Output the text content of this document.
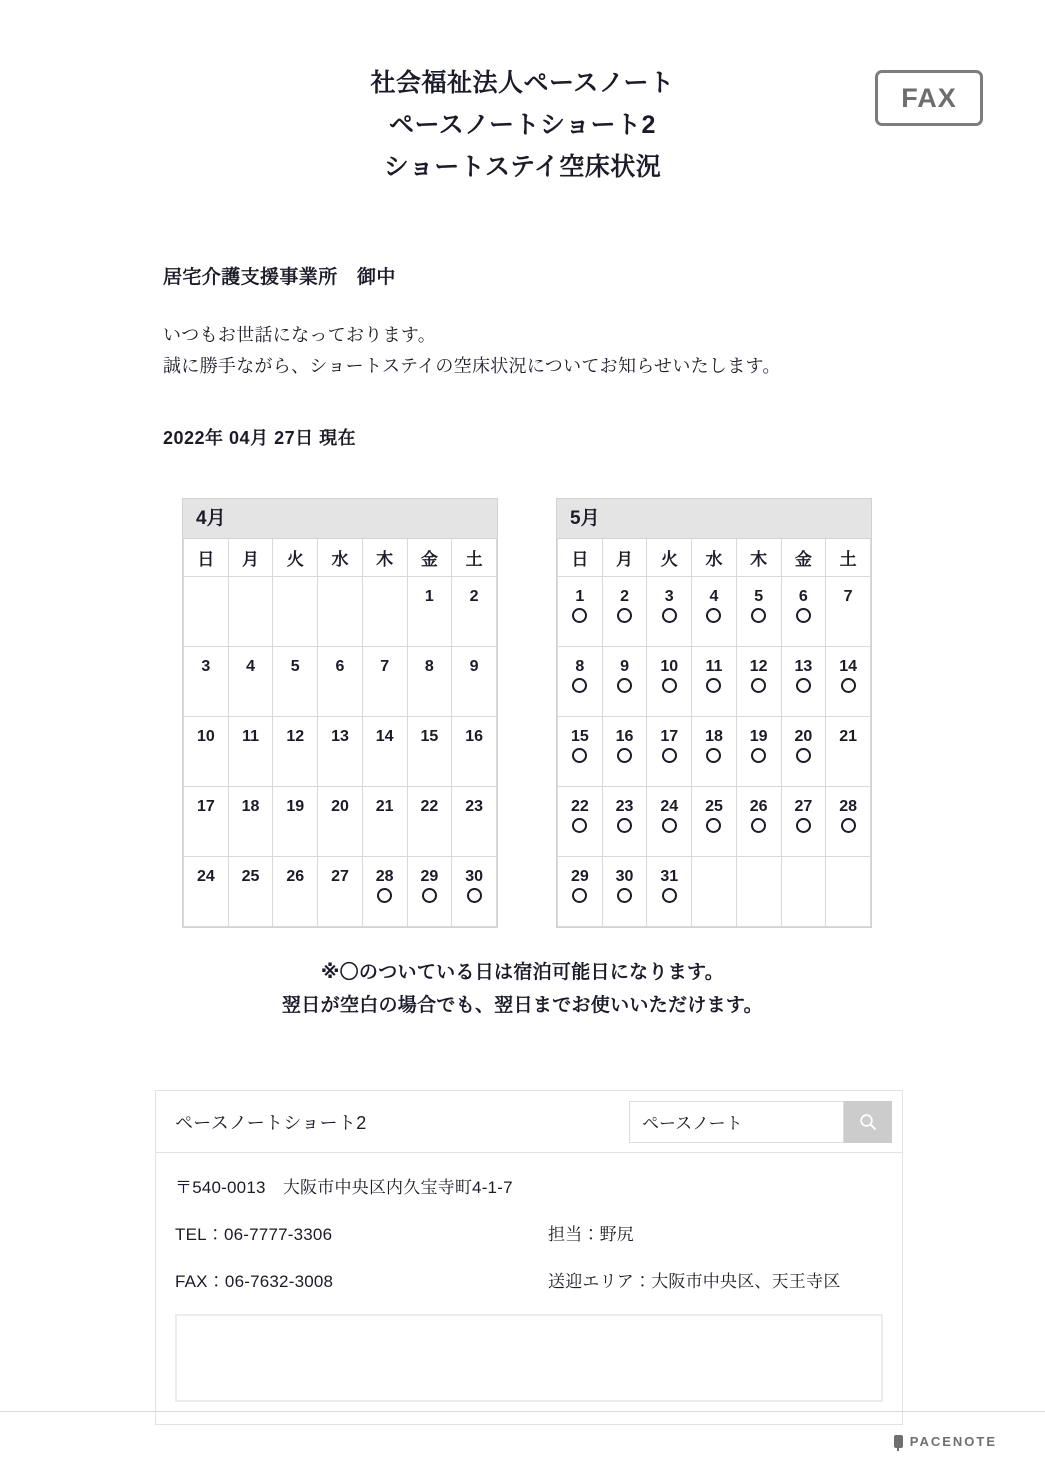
社会福祉法人ペースノート
ペースノートショート2
ショートステイ空床状況
FAX
居宅介護支援事業所　御中
いつもお世話になっております。
誠に勝手ながら、ショートステイの空床状況についてお知らせいたします。
2022年 04月 27日 現在
4月
日	月	火	水	木	金	土

					1	2

3	4	5	6	7	8	9

10	11	12	13	14	15	16

17	18	19	20	21	22	23

24	25	26	27	28	29	30
5月
日	月	火	水	木	金	土

1	2	3	4	5	6	7

8	9	10	11	12	13	14

15	16	17	18	19	20	21

22	23	24	25	26	27	28

29	30	31				

※〇のついている日は宿泊可能日になります。
翌日が空白の場合でも、翌日までお使いいただけます。
ペースノートショート2
ペースノート
〒540-0013　大阪市中央区内久宝寺町4-1-7
TEL：06-7777-3306	担当：野尻
FAX：06-7632-3008	送迎エリア：大阪市中央区、天王寺区
PACENOTE
